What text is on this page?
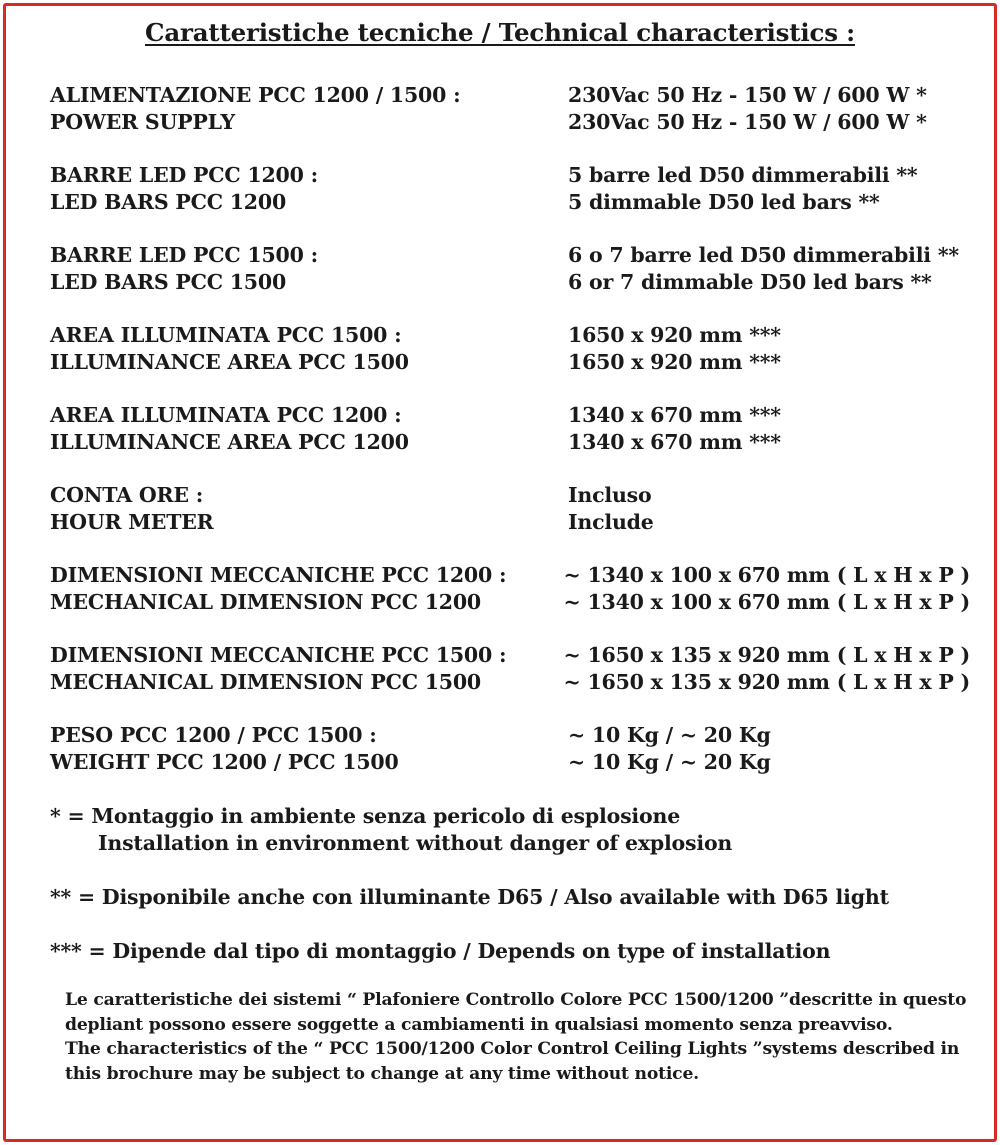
Caratteristiche tecniche / Technical characteristics :
ALIMENTAZIONE PCC 1200 / 1500 :	230Vac 50 Hz - 150 W / 600 W *
POWER SUPPLY	230Vac 50 Hz - 150 W / 600 W *
BARRE LED PCC 1200 :	5 barre led D50 dimmerabili **
LED BARS PCC 1200	5 dimmable D50 led bars **
BARRE LED PCC 1500 :	6 o 7 barre led D50 dimmerabili **
LED BARS PCC 1500	6 or 7 dimmable D50 led bars **
AREA ILLUMINATA PCC 1500 :	1650 x 920 mm ***
ILLUMINANCE AREA PCC 1500	1650 x 920 mm ***
AREA ILLUMINATA PCC 1200 :	1340 x 670 mm ***
ILLUMINANCE AREA PCC 1200	1340 x 670 mm ***
CONTA ORE :	Incluso
HOUR METER	Include
DIMENSIONI MECCANICHE PCC 1200 :	~ 1340 x 100 x 670 mm ( L x H x P )
MECHANICAL DIMENSION PCC 1200	~ 1340 x 100 x 670 mm ( L x H x P )
DIMENSIONI MECCANICHE PCC 1500 :	~ 1650 x 135 x 920 mm ( L x H x P )
MECHANICAL DIMENSION PCC 1500	~ 1650 x 135 x 920 mm ( L x H x P )
PESO PCC 1200 / PCC 1500 :	~ 10 Kg / ~ 20 Kg
WEIGHT PCC 1200 / PCC 1500	~ 10 Kg / ~ 20 Kg
* = Montaggio in ambiente senza pericolo di esplosione
Installation in environment without danger of explosion
** = Disponibile anche con illuminante D65 / Also available with D65 light
*** = Dipende dal tipo di montaggio / Depends on type of installation
Le caratteristiche dei sistemi “ Plafoniere Controllo Colore PCC 1500/1200 ”descritte in questo
depliant possono essere soggette a cambiamenti in qualsiasi momento senza preavviso.
The characteristics of the “ PCC 1500/1200 Color Control Ceiling Lights ”systems described in
this brochure may be subject to change at any time without notice.
